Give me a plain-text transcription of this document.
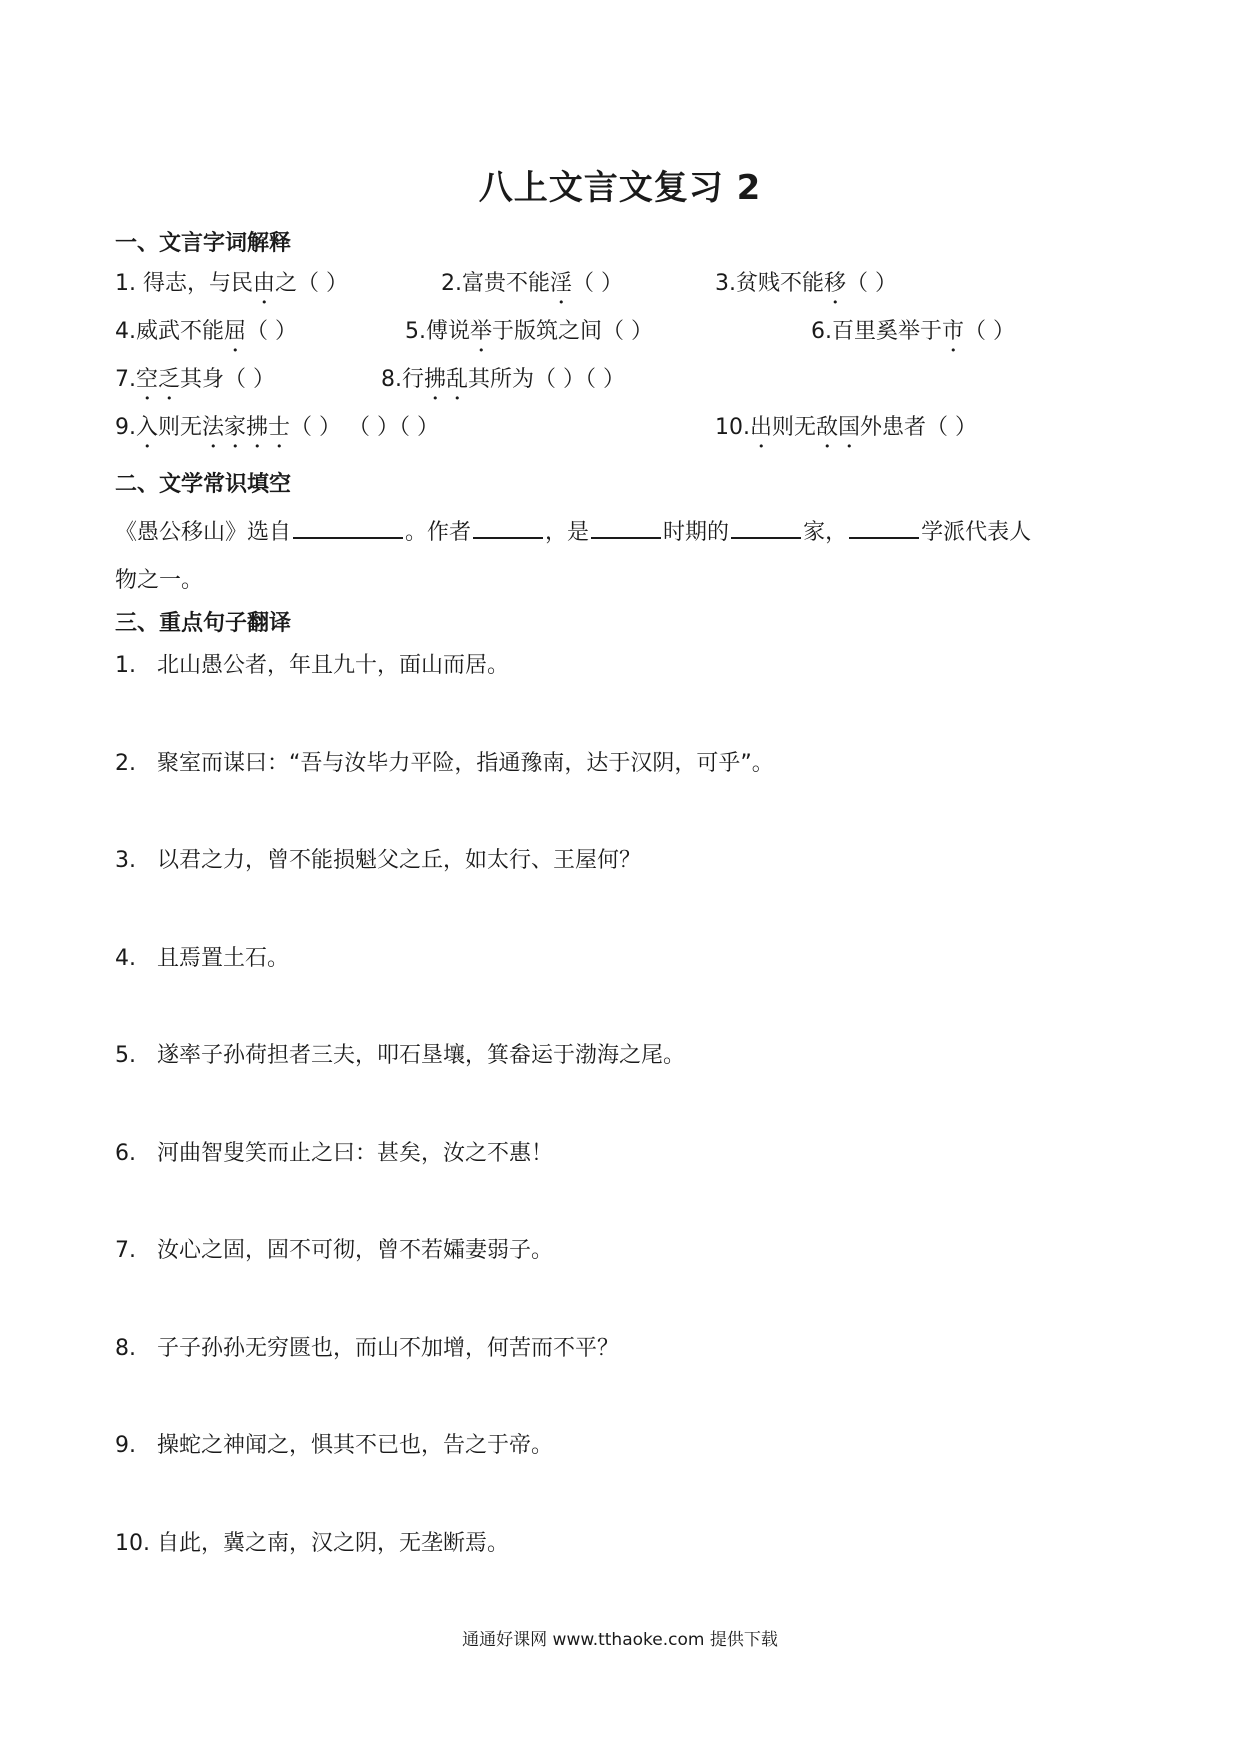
八上文言文复习 2
一、文言字词解释
1. 得志，与民由之（ ）	2.富贵不能淫（ ）	3.贫贱不能移（ ）
4.威武不能屈（ ）	5.傅说举于版筑之间（ ）	6.百里奚举于市（ ）
7.空乏其身（ ）	8.行拂乱其所为（ ）（ ）
9.入则无法家拂士（ ） （ ）（ ）	10.出则无敌国外患者（ ）
二、文学常识填空
《愚公移山》选自	。作者	，是	时期的	家，	学派代表人
物之一。
三、重点句子翻译
1. 北山愚公者，年且九十，面山而居。
2. 聚室而谋曰：“吾与汝毕力平险，指通豫南，达于汉阴，可乎”。
3. 以君之力，曾不能损魁父之丘，如太行、王屋何？
4. 且焉置土石。
5. 遂率子孙荷担者三夫，叩石垦壤，箕畚运于渤海之尾。
6. 河曲智叟笑而止之曰：甚矣，汝之不惠！
7. 汝心之固，固不可彻，曾不若孀妻弱子。
8. 子子孙孙无穷匮也，而山不加增，何苦而不平？
9. 操蛇之神闻之，惧其不已也，告之于帝。
10. 自此，冀之南，汉之阴，无垄断焉。
通通好课网 www.tthaoke.com 提供下载
